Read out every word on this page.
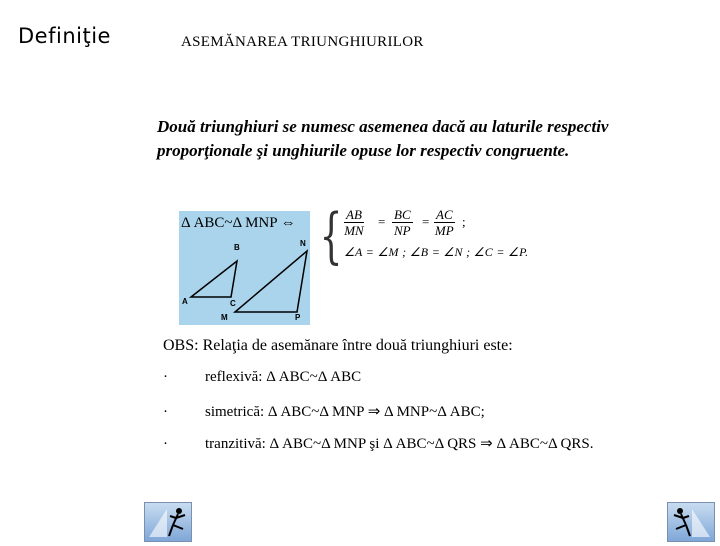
Definiţie	ASEMĂNAREA TRIUNGHIURILOR
Două triunghiuri se numesc asemenea dacă au laturile respectiv
proporţionale şi unghiurile opuse lor respectiv congruente.
B
A	C
N
M	P
Δ ABC~Δ MNP ⇔ { $\frac{AB}{MN} = \frac{BC}{NP} = \frac{AC}{MP}$ ;
∠A = ∠M ; ∠B = ∠N ; ∠C = ∠P.
OBS: Relaţia de asemănare între două triunghiuri este:
· reflexivă: Δ ABC~Δ ABC
· simetrică: Δ ABC~Δ MNP ⇒ Δ MNP~Δ ABC;
· tranzitivă: Δ ABC~Δ MNP şi Δ ABC~Δ QRS ⇒ Δ ABC~Δ QRS.
